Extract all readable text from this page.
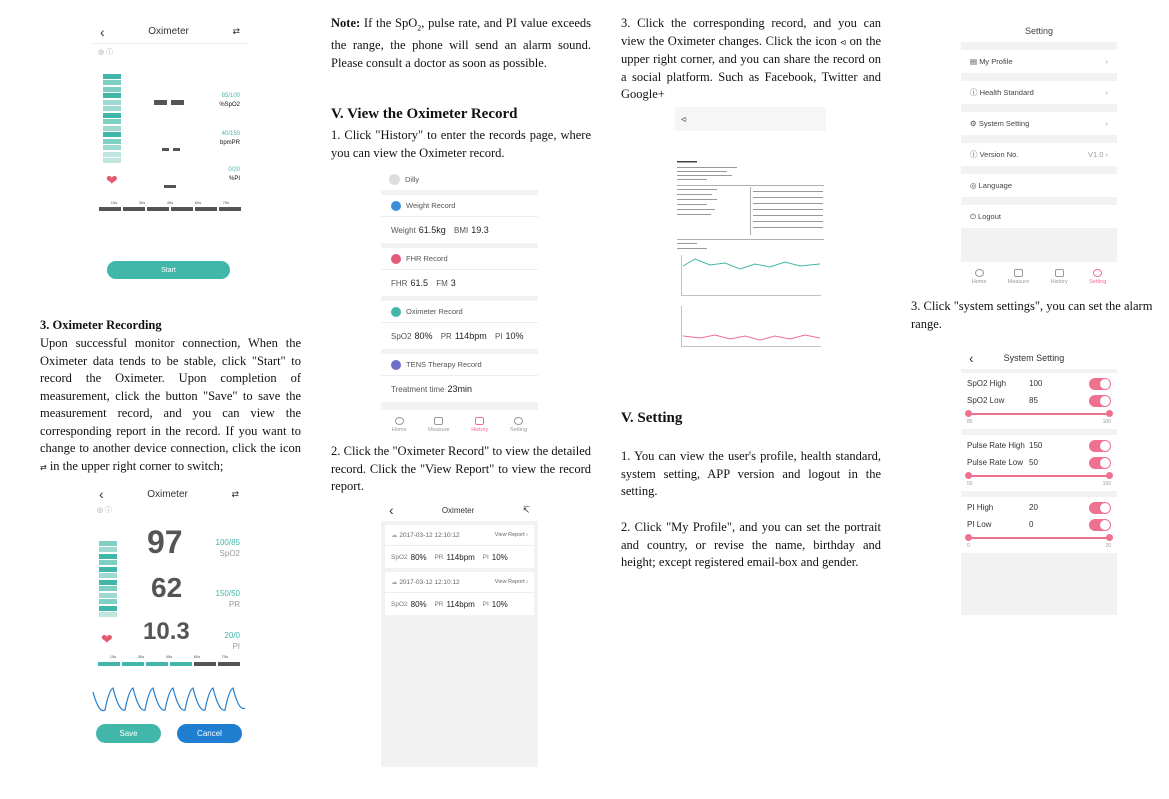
‹	Oximeter	⇄
◎ ⓘ
❤

85/100
%SpO2
40/150
bpmPR
0/20
%PI
15s	30s	45s	60s	75s
Start
3. Oximeter Recording

Upon successful monitor connection, When the Oximeter data tends to be stable, click "Start" to record the Oximeter. Upon completion of measurement, click the button "Save" to save the measurement record, and you can view the corresponding report in the record. If you want to change to another device connection, click the icon ⇄ in the upper right corner to switch;

‹	Oximeter	⇄
◎ ⓘ
❤
97	100/85
SpO2
62	150/50
PR
10.3	20/0
PI
15s	30s	45s	60s	75s
Save	Cancel

Note: If the SpO$_2$, pulse rate, and PI value exceeds the range, the phone will send an alarm sound. Please consult a doctor as soon as possible.

V. View the Oximeter Record

1. Click "History" to enter the records page, where you can view the Oximeter record.

Dilly
Weight Record
Weight 61.5kg
BMI 19.3
FHR Record
FHR 61.5
FM 3
Oximeter Record
SpO2 80%
PR 114bpm
PI 10%
TENS Therapy Record
Treatment time 23min
Home	Measure	History	Setting

2. Click the "Oximeter Record" to view the detailed record. Click the "View Report" to view the record report.

‹	Oximeter	↸
☁ 2017-03-12 12:10:12	View Report ›
SpO2 80%
PR 114bpm
PI 10%
☁ 2017-03-12 12:10:12	View Report ›
SpO2 80%
PR 114bpm
PI 10%

3. Click the corresponding record, and you can view the Oximeter changes. Click the icon ⪦ on the upper right corner, and you can share the record on a social platform. Such as Facebook, Twitter and Google+

⪦
V. Setting

1. You can view the user's profile, health standard, system setting, APP version and logout in the setting.

2. Click "My Profile", and you can set the portrait and country, or revise the name, birthday and height; except registered email-box and gender.

Setting
▤ My Profile	›
ⓘ Health Standard	›
⚙ System Setting	›
ⓘ Version No.	V1.0 ›
◎ Language
⏻ Logout
Home	Measure	History	Setting

3. Click "system settings", you can set the alarm range.

‹	System Setting
SpO2 High	100
SpO2 Low	85
85	100
Pulse Rate High 150
Pulse Rate Low 50
50	150
PI High	20
PI Low	0
0	20
